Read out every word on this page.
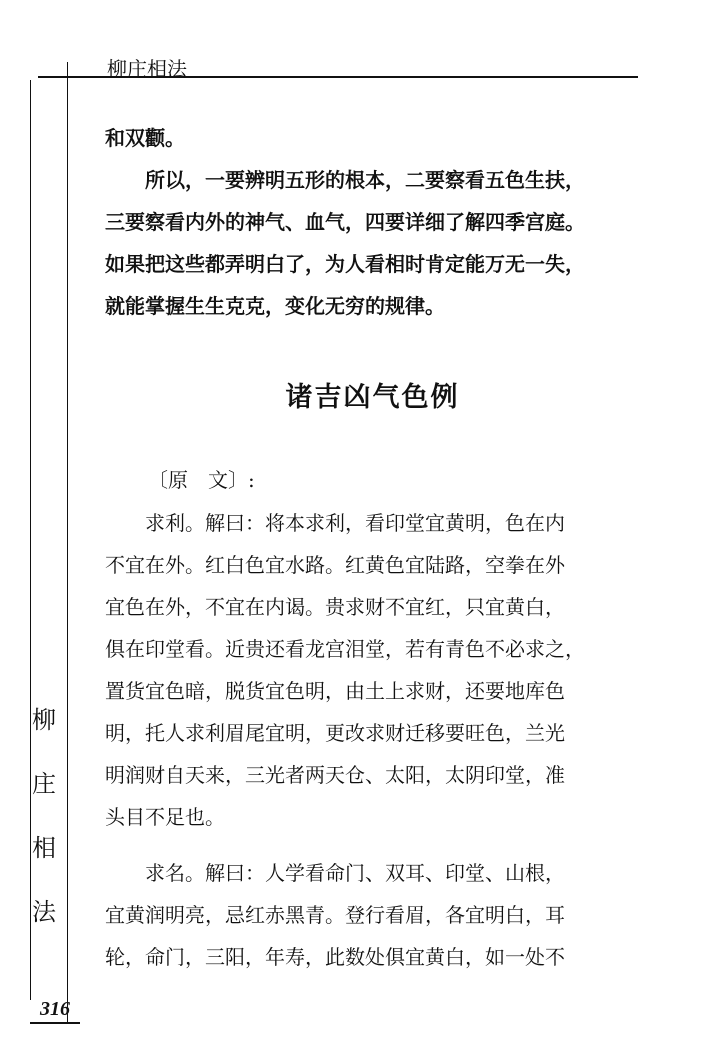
柳庄相法

和双颧。

　　所以，一要辨明五形的根本，二要察看五色生扶，

三要察看内外的神气、血气，四要详细了解四季宫庭。

如果把这些都弄明白了，为人看相时肯定能万无一失，

就能掌握生生克克，变化无穷的规律。

诸吉凶气色例

〔原　文〕:

　　求利。解曰：将本求利，看印堂宜黄明，色在内

不宜在外。红白色宜水路。红黄色宜陆路，空拳在外

宜色在外，不宜在内谒。贵求财不宜红，只宜黄白，

俱在印堂看。近贵还看龙宫泪堂，若有青色不必求之，

置货宜色暗，脱货宜色明，由土上求财，还要地库色

明，托人求利眉尾宜明，更改求财迁移要旺色，兰光

明润财自天来，三光者两天仓、太阳，太阴印堂，准

头目不足也。

　　求名。解曰：人学看命门、双耳、印堂、山根，

宜黄润明亮，忌红赤黑青。登行看眉，各宜明白，耳

轮，命门，三阳，年寿，此数处俱宜黄白，如一处不

柳
庄
相
法
316
